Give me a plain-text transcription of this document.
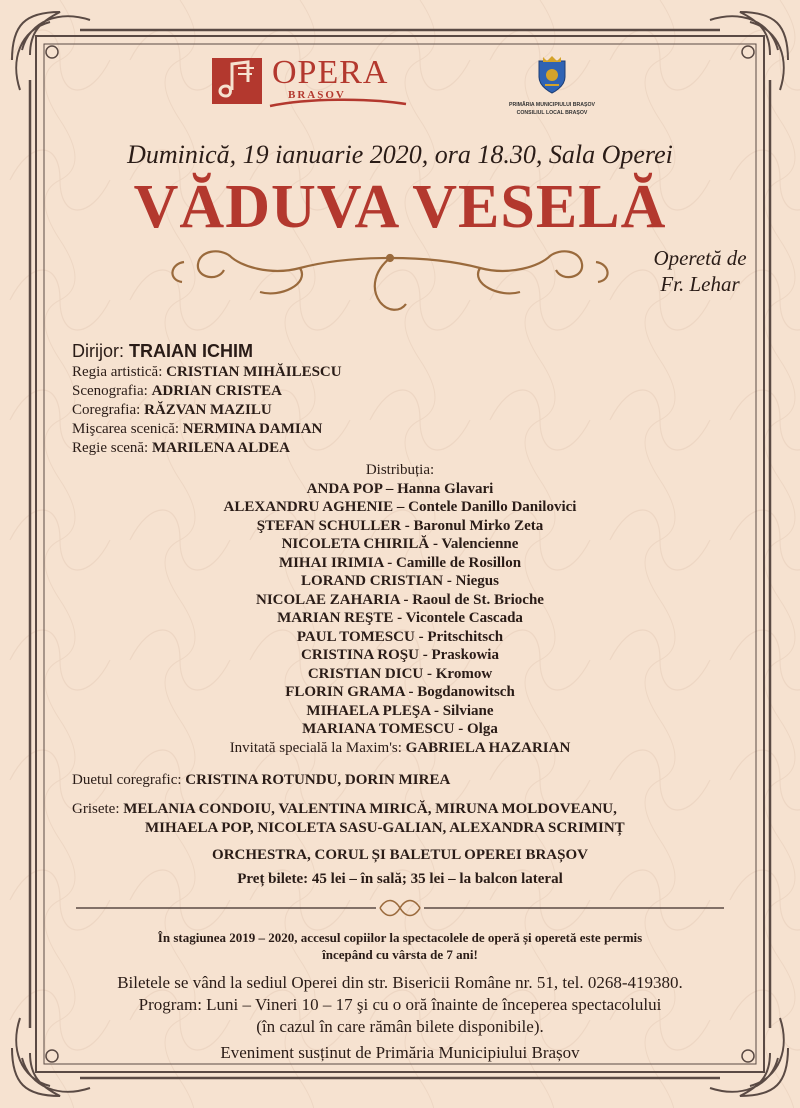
OPERA
BRAȘOV
PRIMĂRIA MUNICIPIULUI BRAȘOV
CONSILIUL LOCAL BRAȘOV
Duminică, 19 ianuarie 2020, ora 18.30, Sala Operei
VĂDUVA VESELĂ
Operetă de
Fr. Lehar
Dirijor: TRAIAN ICHIM
Regia artistică: CRISTIAN MIHĂILESCU
Scenografia: ADRIAN CRISTEA
Coregrafia: RĂZVAN MAZILU
Mişcarea scenică: NERMINA DAMIAN
Regie scenă: MARILENA ALDEA
Distribuția:
ANDA POP – Hanna Glavari
ALEXANDRU AGHENIE – Contele Danillo Danilovici
ŞTEFAN SCHULLER - Baronul Mirko Zeta
NICOLETA CHIRILĂ - Valencienne
MIHAI IRIMIA - Camille de Rosillon
LORAND CRISTIAN - Niegus
NICOLAE ZAHARIA - Raoul de St. Brioche
MARIAN REŞTE - Vicontele Cascada
PAUL TOMESCU - Pritschitsch
CRISTINA ROŞU - Praskowia
CRISTIAN DICU - Kromow
FLORIN GRAMA - Bogdanowitsch
MIHAELA PLEŞA - Silviane
MARIANA TOMESCU - Olga
Invitată specială la Maxim's: GABRIELA HAZARIAN
Duetul coregrafic: CRISTINA ROTUNDU, DORIN MIREA
Grisete: MELANIA CONDOIU, VALENTINA MIRICĂ, MIRUNA MOLDOVEANU,
MIHAELA POP, NICOLETA SASU-GALIAN, ALEXANDRA SCRIMINȚ
ORCHESTRA, CORUL ȘI BALETUL OPEREI BRAȘOV
Preț bilete: 45 lei – în sală; 35 lei – la balcon lateral
În stagiunea 2019 – 2020, accesul copiilor la spectacolele de operă și operetă este permis
începând cu vârsta de 7 ani!
Biletele se vând la sediul Operei din str. Bisericii Române nr. 51, tel. 0268-419380.
Program: Luni – Vineri 10 – 17 şi cu o oră înainte de începerea spectacolului
(în cazul în care rămân bilete disponibile).
Eveniment susținut de Primăria Municipiului Brașov
